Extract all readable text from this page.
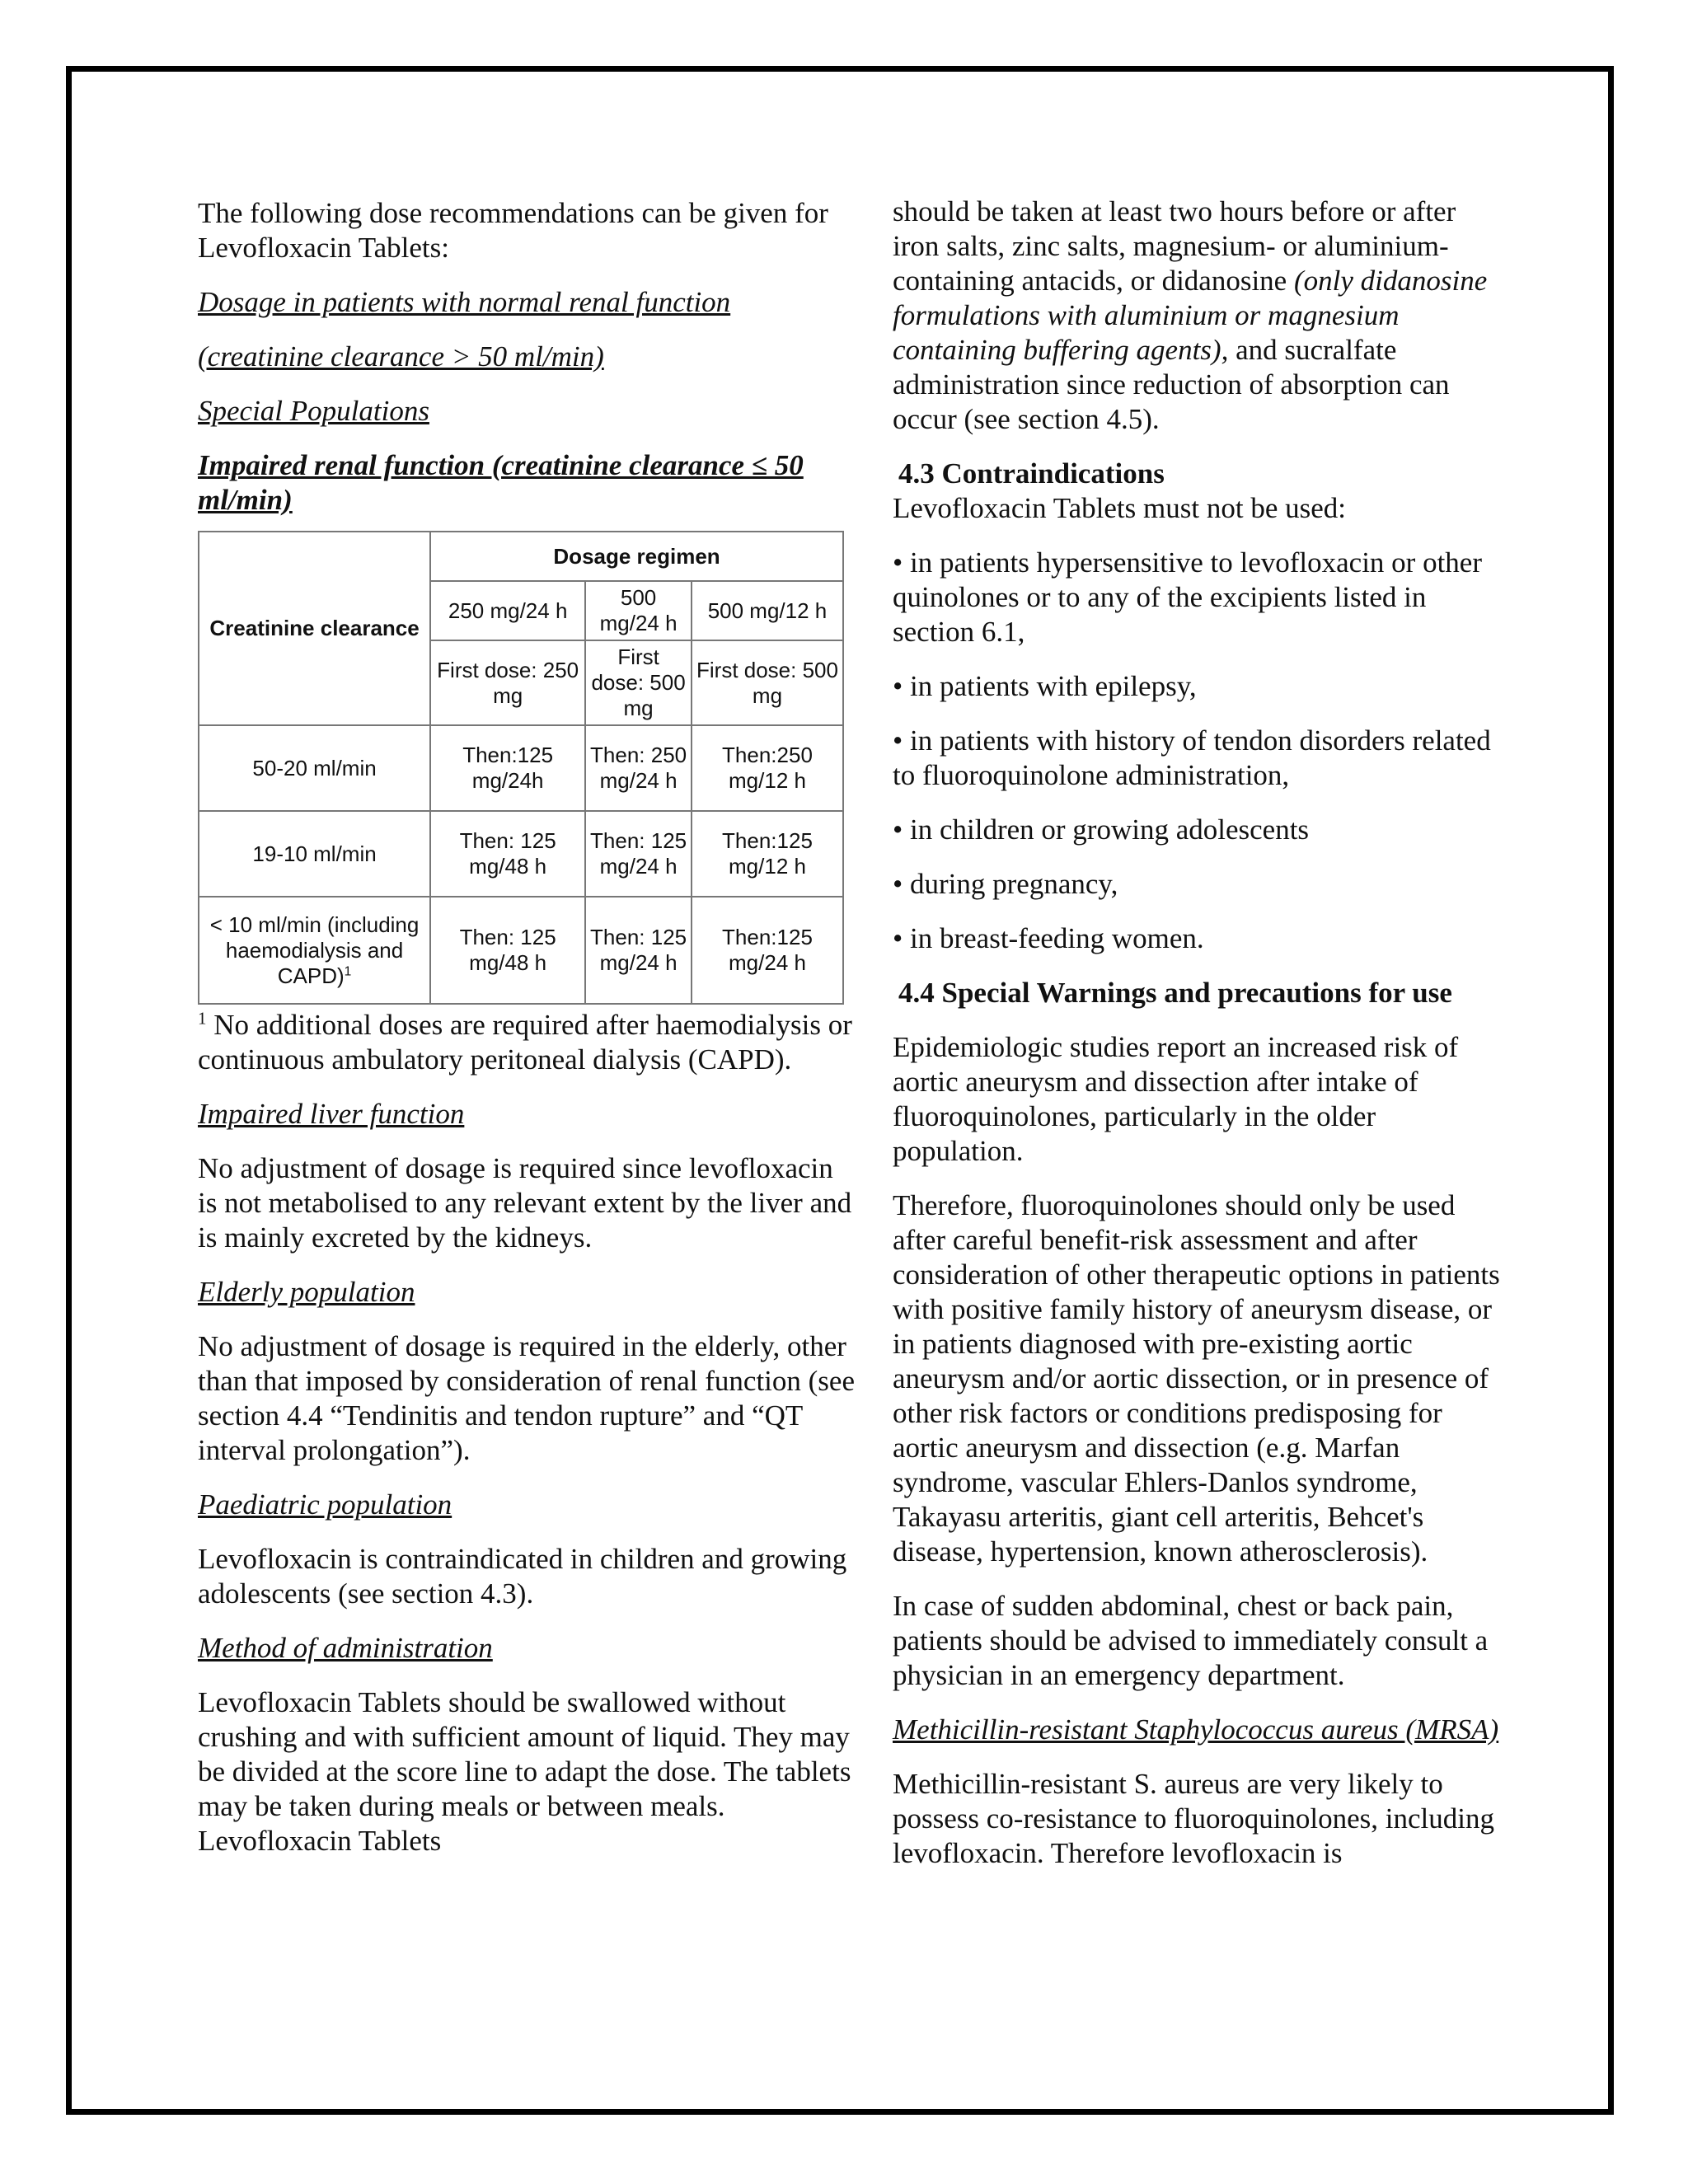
The following dose recommendations can be given for Levofloxacin Tablets:

Dosage in patients with normal renal function

(creatinine clearance > 50 ml/min)

Special Populations

Impaired renal function (creatinine clearance ≤ 50 ml/min)

Creatinine clearance	Dosage regimen		
	250 mg/24 h	500 mg/24 h	500 mg/12 h
	First dose: 250 mg	First dose: 500 mg	First dose: 500 mg
50-20 ml/min	Then:125 mg/24h	Then: 250 mg/24 h	Then:250 mg/12 h
19-10 ml/min	Then: 125 mg/48 h	Then: 125 mg/24 h	Then:125 mg/12 h
< 10 ml/min (including haemodialysis and CAPD)$^1$	Then: 125 mg/48 h	Then: 125 mg/24 h	Then:125 mg/24 h

$^1$ No additional doses are required after haemodialysis or continuous ambulatory peritoneal dialysis (CAPD).

Impaired liver function

No adjustment of dosage is required since levofloxacin is not metabolised to any relevant extent by the liver and is mainly excreted by the kidneys.

Elderly population

No adjustment of dosage is required in the elderly, other than that imposed by consideration of renal function (see section 4.4 “Tendinitis and tendon rupture” and “QT interval prolongation”).

Paediatric population

Levofloxacin is contraindicated in children and growing adolescents (see section 4.3).

Method of administration

Levofloxacin Tablets should be swallowed without crushing and with sufficient amount of liquid. They may be divided at the score line to adapt the dose. The tablets may be taken during meals or between meals. Levofloxacin Tablets

should be taken at least two hours before or after iron salts, zinc salts, magnesium- or aluminium-containing antacids, or didanosine (only didanosine formulations with aluminium or magnesium containing buffering agents), and sucralfate administration since reduction of absorption can occur (see section 4.5).

4.3 Contraindications

Levofloxacin Tablets must not be used:

• in patients hypersensitive to levofloxacin or other quinolones or to any of the excipients listed in section 6.1,
• in patients with epilepsy,
• in patients with history of tendon disorders related to fluoroquinolone administration,
• in children or growing adolescents
• during pregnancy,
• in breast-feeding women.

4.4 Special Warnings and precautions for use

Epidemiologic studies report an increased risk of aortic aneurysm and dissection after intake of fluoroquinolones, particularly in the older population.

Therefore, fluoroquinolones should only be used after careful benefit-risk assessment and after consideration of other therapeutic options in patients with positive family history of aneurysm disease, or in patients diagnosed with pre-existing aortic aneurysm and/or aortic dissection, or in presence of other risk factors or conditions predisposing for aortic aneurysm and dissection (e.g. Marfan syndrome, vascular Ehlers-Danlos syndrome, Takayasu arteritis, giant cell arteritis, Behcet's disease, hypertension, known atherosclerosis).

In case of sudden abdominal, chest or back pain, patients should be advised to immediately consult a physician in an emergency department.

Methicillin-resistant Staphylococcus aureus (MRSA)

Methicillin-resistant S. aureus are very likely to possess co-resistance to fluoroquinolones, including levofloxacin. Therefore levofloxacin is
